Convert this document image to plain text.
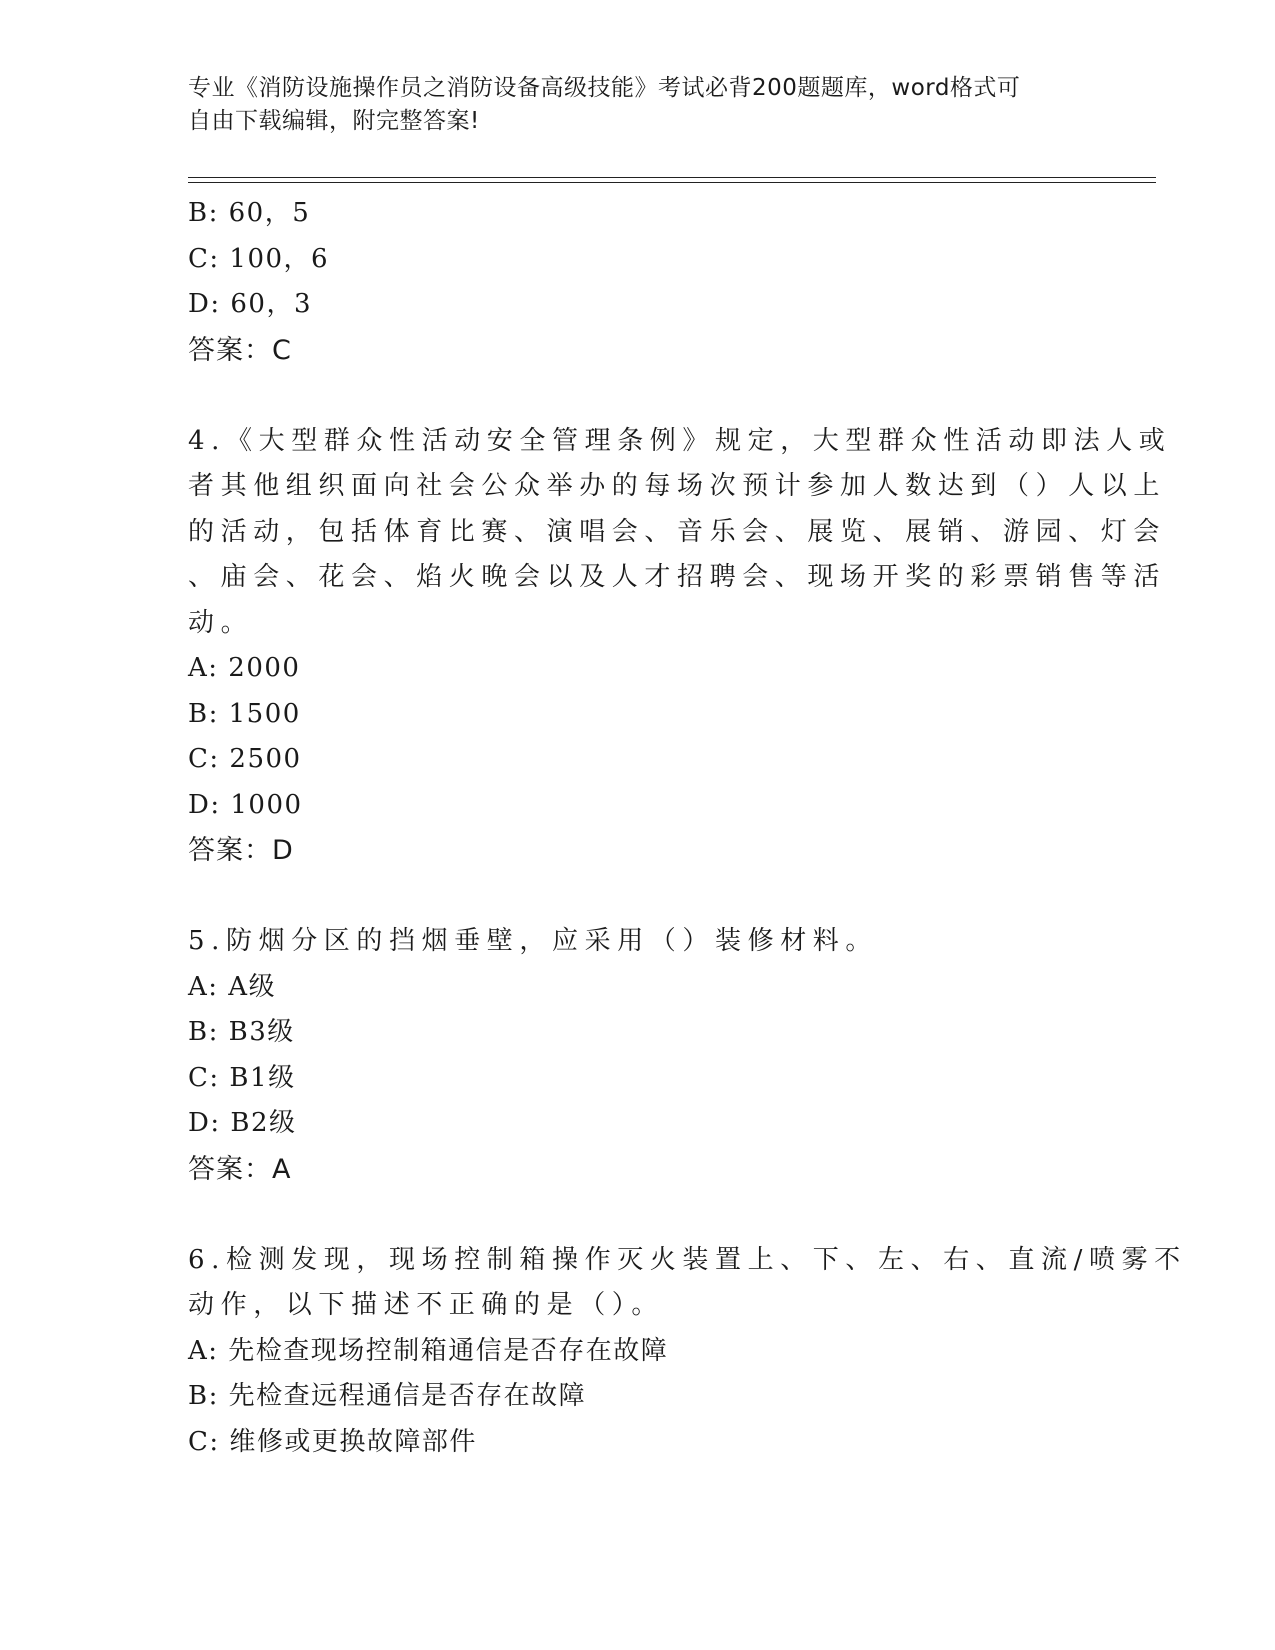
专业《消防设施操作员之消防设备高级技能》考试必背200题题库，word格式可
自由下载编辑，附完整答案!
B: 60，5
C: 100，6
D: 60，3
答案：C
4.《大型群众性活动安全管理条例》规定，大型群众性活动即法人或
者其他组织面向社会公众举办的每场次预计参加人数达到（）人以上
的活动，包括体育比赛、演唱会、音乐会、展览、展销、游园、灯会
、庙会、花会、焰火晚会以及人才招聘会、现场开奖的彩票销售等活
动。
A: 2000
B: 1500
C: 2500
D: 1000
答案：D
5.防烟分区的挡烟垂壁，应采用（）装修材料。
A: A级
B: B3级
C: B1级
D: B2级
答案：A
6.检测发现，现场控制箱操作灭火装置上、下、左、右、直流/喷雾不
动作，以下描述不正确的是（）。
A: 先检查现场控制箱通信是否存在故障
B: 先检查远程通信是否存在故障
C: 维修或更换故障部件
